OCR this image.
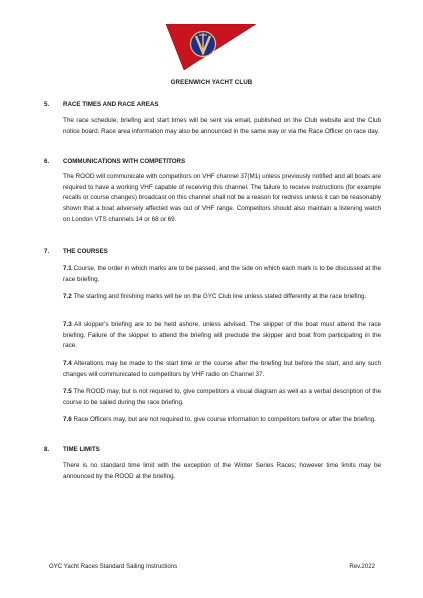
GREENWICH YACHT CLUB
5. RACE TIMES AND RACE AREAS
The race schedule, briefing and start times will be sent via email, published on the Club website and the Club notice board. Race area information may also be announced in the same way or via the Race Officer on race day.
6. COMMUNICATIONS WITH COMPETITORS
The ROOD will communicate with competitors on VHF channel 37(M1) unless previously notified and all boats are required to have a working VHF capable of receiving this channel. The failure to receive instructions (for example recalls or course changes) broadcast on this channel shall not be a reason for redress unless it can be reasonably shown that a boat adversely affected was out of VHF range. Competitors should also maintain a listening watch on London VTS channels 14 or 68 or 69.
7. THE COURSES
7.1 Course, the order in which marks are to be passed, and the side on which each mark is to be discussed at the race briefing.
7.2 The starting and finishing marks will be on the GYC Club line unless stated differently at the race briefing.
7.3 All skipper's briefing are to be held ashore, unless advised. The skipper of the boat must attend the race briefing. Failure of the skipper to attend the briefing will preclude the skipper and boat from participating in the race.
7.4 Alterations may be made to the start time or the course after the briefing but before the start, and any such changes will communicated to competitors by VHF radio on Channel 37.
7.5 The ROOD may, but is not required to, give competitors a visual diagram as well as a verbal description of the course to be sailed during the race briefing.
7.6 Race Officers may, but are not required to, give course information to competitors before or after the briefing.
8. TIME LIMITS
There is no standard time limit with the exception of the Winter Series Races; however time limits may be announced by the ROOD at the briefing.
GYC Yacht Races Standard Sailing Instructions	Rev.2022
